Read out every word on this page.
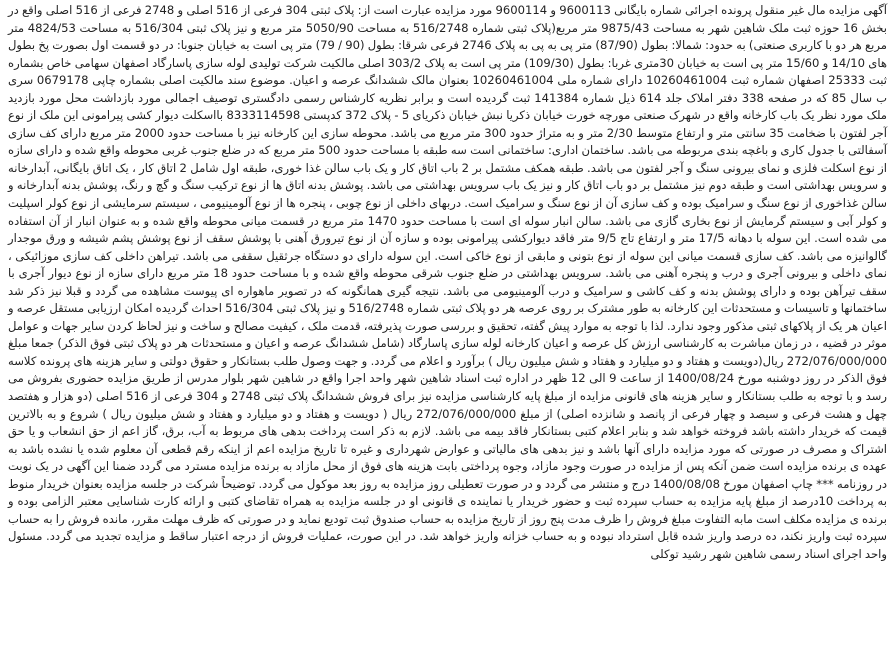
آگهی مزایده مال غیر منقول پرونده اجرائی شماره بایگانی 9600113 و 9600114 مورد مزایده عبارت است از: پلاک ثبتی 304 فرعی از 516 اصلی و 2748 فرعی از 516 اصلی واقع در بخش 16 حوزه ثبت ملک شاهین شهر به مساحت 9875/43 متر مربع(پلاک ثبتی شماره 516/2748 به مساحت 5050/90 متر مربع و نیز پلاک ثبتی 516/304 به مساحت 4824/53 متر مربع هر دو با کاربری صنعتی) به حدود: شمالا: بطول (87/90) متر پی به پی به پلاک 2746 فرعی شرقا: بطول (90 / 79) متر پی است به خیابان جنوبا: در دو قسمت اول بصورت پخ بطول های 14/10 و 15/60 متر پی است به خیابان 30متری غربا: بطول (109/30) متر پی است به پلاک 303/2 اصلی مالکیت شرکت تولیدی لوله سازی پاسارگاد اصفهان سهامی خاص بشماره ثبت 25333 اصفهان شماره ثبت 10260461004 دارای شماره ملی 10260461004 بعنوان مالک ششدانگ عرصه و اعیان. موضوع سند مالکیت اصلی بشماره چاپی 0679178 سری ب سال 85 که در صفحه 338 دفتر املاک جلد 614 ذیل شماره 141384 ثبت گردیده است و برابر نظریه کارشناس رسمی دادگستری توصیف اجمالی مورد بازداشت محل مورد بازدید ملک مورد نظر یک باب کارخانه واقع در شهرک صنعتی مورچه خورت خیابان ذکریا نبش خیابان ذکریای 5 - پلاک 372 کدپستی 8333114598 بااسکلت دیوار کشی پیرامونی این ملک از نوع آجر لفتون با ضخامت 35 سانتی متر و ارتفاع متوسط 2/30 متر و به متراژ حدود 300 متر مربع می باشد. محوطه سازی این کارخانه نیز با مساحت حدود 2000 متر مربع دارای کف سازی آسفالتی با جدول کاری و باغچه بندی مربوطه می باشد. ساختمان اداری: ساختمانی است سه طبقه با مساحت حدود 500 متر مربع که در ضلع جنوب غربی محوطه واقع شده و دارای سازه از نوع اسکلت فلزی و نمای بیرونی سنگ و آجر لفتون می باشد. طبقه همکف مشتمل بر 2 باب اتاق کار و یک باب سالن غذا خوری، طبقه اول شامل 2 اتاق کار ، یک اتاق بایگانی، آبدارخانه و سرویس بهداشتی است و طبقه دوم نیز مشتمل بر دو باب اتاق کار و نیز یک باب سرویس بهداشتی می باشد. پوشش بدنه اتاق ها از نوع ترکیب سنگ و گچ و رنگ، پوشش بدنه آبدارخانه و سالن غذاخوری از نوع سنگ و سرامیک بوده و کف سازی آن از نوع سنگ و سرامیک است. دربهای داخلی از نوع چوبی ، پنجره ها از نوع آلومینیومی ، سیستم سرمایشی از نوع کولر اسپلیت و کولر آبی و سیستم گرمایش از نوع بخاری گازی می باشد. سالن انبار سوله ای است با مساحت حدود 1470 متر مربع در قسمت میانی محوطه واقع شده و به عنوان انبار از آن استفاده می شده است. این سوله با دهانه 17/5 متر و ارتفاع تاج 9/5 متر فاقد دیوارکشی پیرامونی بوده و سازه آن از نوع تیرورق آهنی با پوشش سقف از نوع پوشش پشم شیشه و ورق موجدار گالوانیزه می باشد. کف سازی قسمت میانی این سوله از نوع بتونی و مابقی از نوع خاکی است. این سوله دارای دو دستگاه جرثقیل سقفی می باشد. تیراهن داخلی کف سازی موزائیکی ، نمای داخلی و بیرونی آجری و درب و پنجره آهنی می باشد. سرویس بهداشتی در ضلع جنوب شرقی محوطه واقع شده و با مساحت حدود 18 متر مربع دارای سازه از نوع دیوار آجری با سقف تیرآهن بوده و دارای پوشش بدنه و کف کاشی و سرامیک و درب آلومینیومی می باشد. نتیجه گیری همانگونه که در تصویر ماهواره ای پیوست مشاهده می گردد و قبلا نیز ذکر شد ساختمانها و تاسیسات و مستحدثات این کارخانه به طور مشترک بر روی عرصه هر دو پلاک ثبتی شماره 516/2748 و نیز پلاک ثبتی 516/304 احداث گردیده امکان ارزیابی مستقل عرصه و اعیان هر یک از پلاکهای ثبتی مذکور وجود ندارد. لذا با توجه به موارد پیش گفته، تحقیق و بررسی صورت پذیرفته، قدمت ملک ، کیفیت مصالح و ساخت و نیز لحاظ کردن سایر جهات و عوامل موثر در قضیه ، در زمان مباشرت به کارشناسی ارزش کل عرصه و اعیان کارخانه لوله سازی پاسارگاد (شامل ششدانگ عرصه و اعیان و مستحدثات هر دو پلاک ثبتی فوق الذکر) جمعا مبلغ 272/076/000/000 ریال(دویست و هفتاد و دو میلیارد و هفتاد و شش میلیون ریال ) برآورد و اعلام می گردد. و جهت وصول طلب بستانکار و حقوق دولتی و سایر هزینه های پرونده کلاسه فوق الذکر در روز دوشنبه مورخ 1400/08/24 از ساعت 9 الی 12 ظهر در اداره ثبت اسناد شاهین شهر واحد اجرا واقع در شاهین شهر بلوار مدرس از طریق مزایده حضوری بفروش می رسد و با توجه به طلب بستانکار و سایر هزینه های قانونی مزایده از مبلغ پایه کارشناسی مزایده نیز برای فروش ششدانگ پلاک ثبتی 2748 و 304 فرعی از 516 اصلی (دو هزار و هفتصد چهل و هشت فرعی و سیصد و چهار فرعی از پانصد و شانزده اصلی) از مبلغ 272/076/000/000 ریال ( دویست و هفتاد و دو میلیارد و هفتاد و شش میلیون ریال ) شروع و به بالاترین قیمت که خریدار داشته باشد فروخته خواهد شد و بنابر اعلام کتبی بستانکار فاقد بیمه می باشد. لازم به ذکر است پرداخت بدهی های مربوط به آب، برق، گاز اعم از حق انشعاب و یا حق اشتراک و مصرف در صورتی که مورد مزایده دارای آنها باشد و نیز بدهی های مالیاتی و عوارض شهرداری و غیره تا تاریخ مزایده اعم از اینکه رقم قطعی آن معلوم شده یا نشده باشد به عهده ی برنده مزایده است ضمن آنکه پس از مزایده در صورت وجود مازاد، وجوه پرداختی بابت هزینه های فوق از محل مازاد به برنده مزایده مسترد می گردد ضمنا این آگهی در یک نوبت در روزنامه *** چاپ اصفهان مورخ 1400/08/08 درج و منتشر می گردد و در صورت تعطیلی روز مزایده به روز بعد موکول می گردد. توضیحاً شرکت در جلسه مزایده بعنوان خریدار منوط به پرداخت 10درصد از مبلغ پایه مزایده به حساب سپرده ثبت و حضور خریدار یا نماینده ی قانونی او در جلسه مزایده به همراه تقاضای کتبی و ارائه کارت شناسایی معتبر الزامی بوده و برنده ی مزایده مکلف است مابه التفاوت مبلغ فروش را ظرف مدت پنج روز از تاریخ مزایده به حساب صندوق ثبت تودیع نماید و در صورتی که ظرف مهلت مقرر، مانده فروش را به حساب سپرده ثبت واریز نکند، ده درصد واریز شده قابل استرداد نبوده و به حساب خزانه واریز خواهد شد. در این صورت، عملیات فروش از درجه اعتبار ساقط و مزایده تجدید می گردد. مسئول واحد اجرای اسناد رسمی شاهین شهر رشید توکلی
